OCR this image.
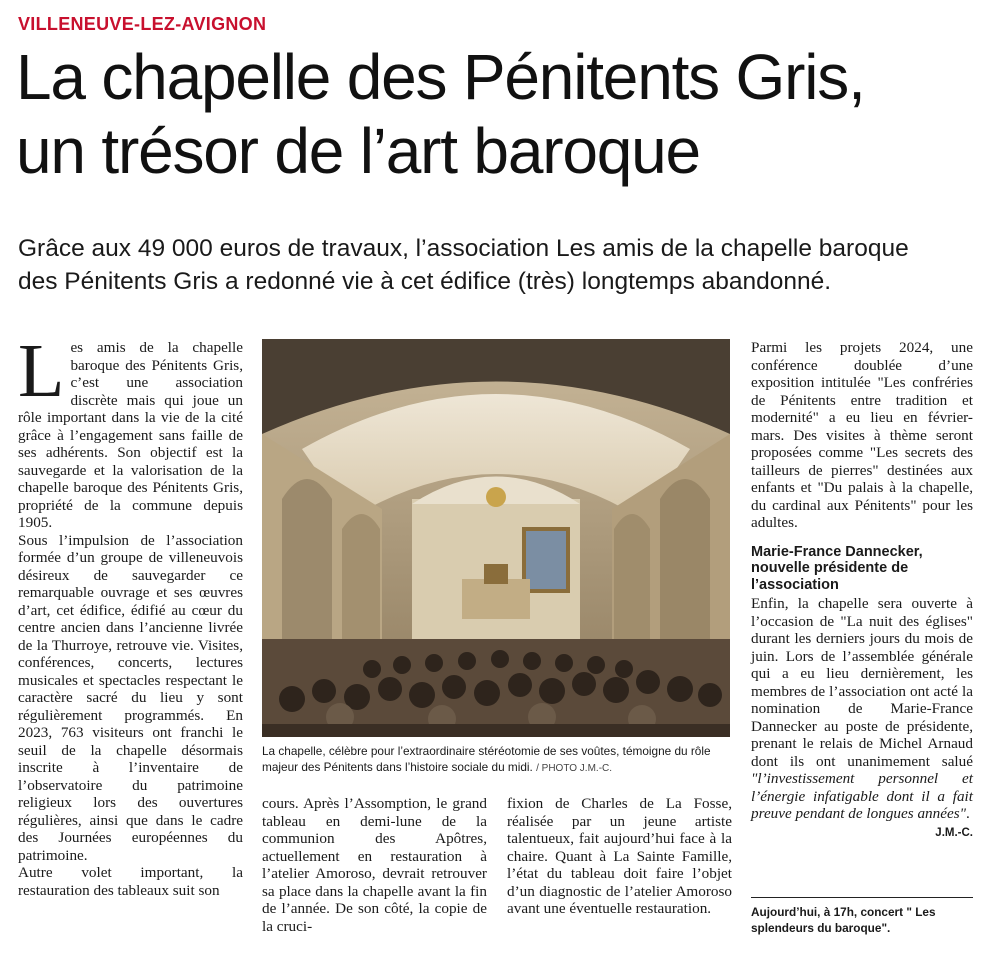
VILLENEUVE-LEZ-AVIGNON
La chapelle des Pénitents Gris,
un trésor de l’art baroque

Grâce aux 49 000 euros de travaux, l’association Les amis de la chapelle baroque
des Pénitents Gris a redonné vie à cet édifice (très) longtemps abandonné.

Les amis de la chapelle baroque des Pénitents Gris, c’est une association discrète mais qui joue un rôle important dans la vie de la cité grâce à l’engagement sans faille de ses adhérents. Son objectif est la sauvegarde et la valorisation de la chapelle baroque des Pénitents Gris, propriété de la commune depuis 1905.

Sous l’impulsion de l’association formée d’un groupe de villeneuvois désireux de sauvegarder ce remarquable ouvrage et ses œuvres d’art, cet édifice, édifié au cœur du centre ancien dans l’ancienne livrée de la Thurroye, retrouve vie. Visites, conférences, concerts, lectures musicales et spectacles respectant le caractère sacré du lieu y sont régulièrement programmés. En 2023, 763 visiteurs ont franchi le seuil de la chapelle désormais inscrite à l’inventaire de l’observatoire du patrimoine religieux lors des ouvertures régulières, ainsi que dans le cadre des Journées européennes du patrimoine.

Autre volet important, la restauration des tableaux suit son

La chapelle, célèbre pour l’extraordinaire stéréotomie de ses voûtes, témoigne du rôle majeur des Pénitents dans l’histoire sociale du midi. / PHOTO J.M.-C.

cours. Après l’Assomption, le grand tableau en demi-lune de la communion des Apôtres, actuellement en restauration à l’atelier Amoroso, devrait retrouver sa place dans la chapelle avant la fin de l’année. De son côté, la copie de la cruci-

fixion de Charles de La Fosse, réalisée par un jeune artiste talentueux, fait aujourd’hui face à la chaire. Quant à La Sainte Famille, l’état du tableau doit faire l’objet d’un diagnostic de l’atelier Amoroso avant une éventuelle restauration.

Parmi les projets 2024, une conférence doublée d’une exposition intitulée "Les confréries de Pénitents entre tradition et modernité" a eu lieu en février-mars. Des visites à thème seront proposées comme "Les secrets des tailleurs de pierres" destinées aux enfants et "Du palais à la chapelle, du cardinal aux Pénitents" pour les adultes.

Marie-France Dannecker, nouvelle présidente de l’association

Enfin, la chapelle sera ouverte à l’occasion de "La nuit des églises" durant les derniers jours du mois de juin. Lors de l’assemblée générale qui a eu lieu dernièrement, les membres de l’association ont acté la nomination de Marie-France Dannecker au poste de présidente, prenant le relais de Michel Arnaud dont ils ont unanimement salué "l’investissement personnel et l’énergie infatigable dont il a fait preuve pendant de longues années".

J.M.-C.
Aujourd’hui, à 17h, concert " Les splendeurs du baroque".
